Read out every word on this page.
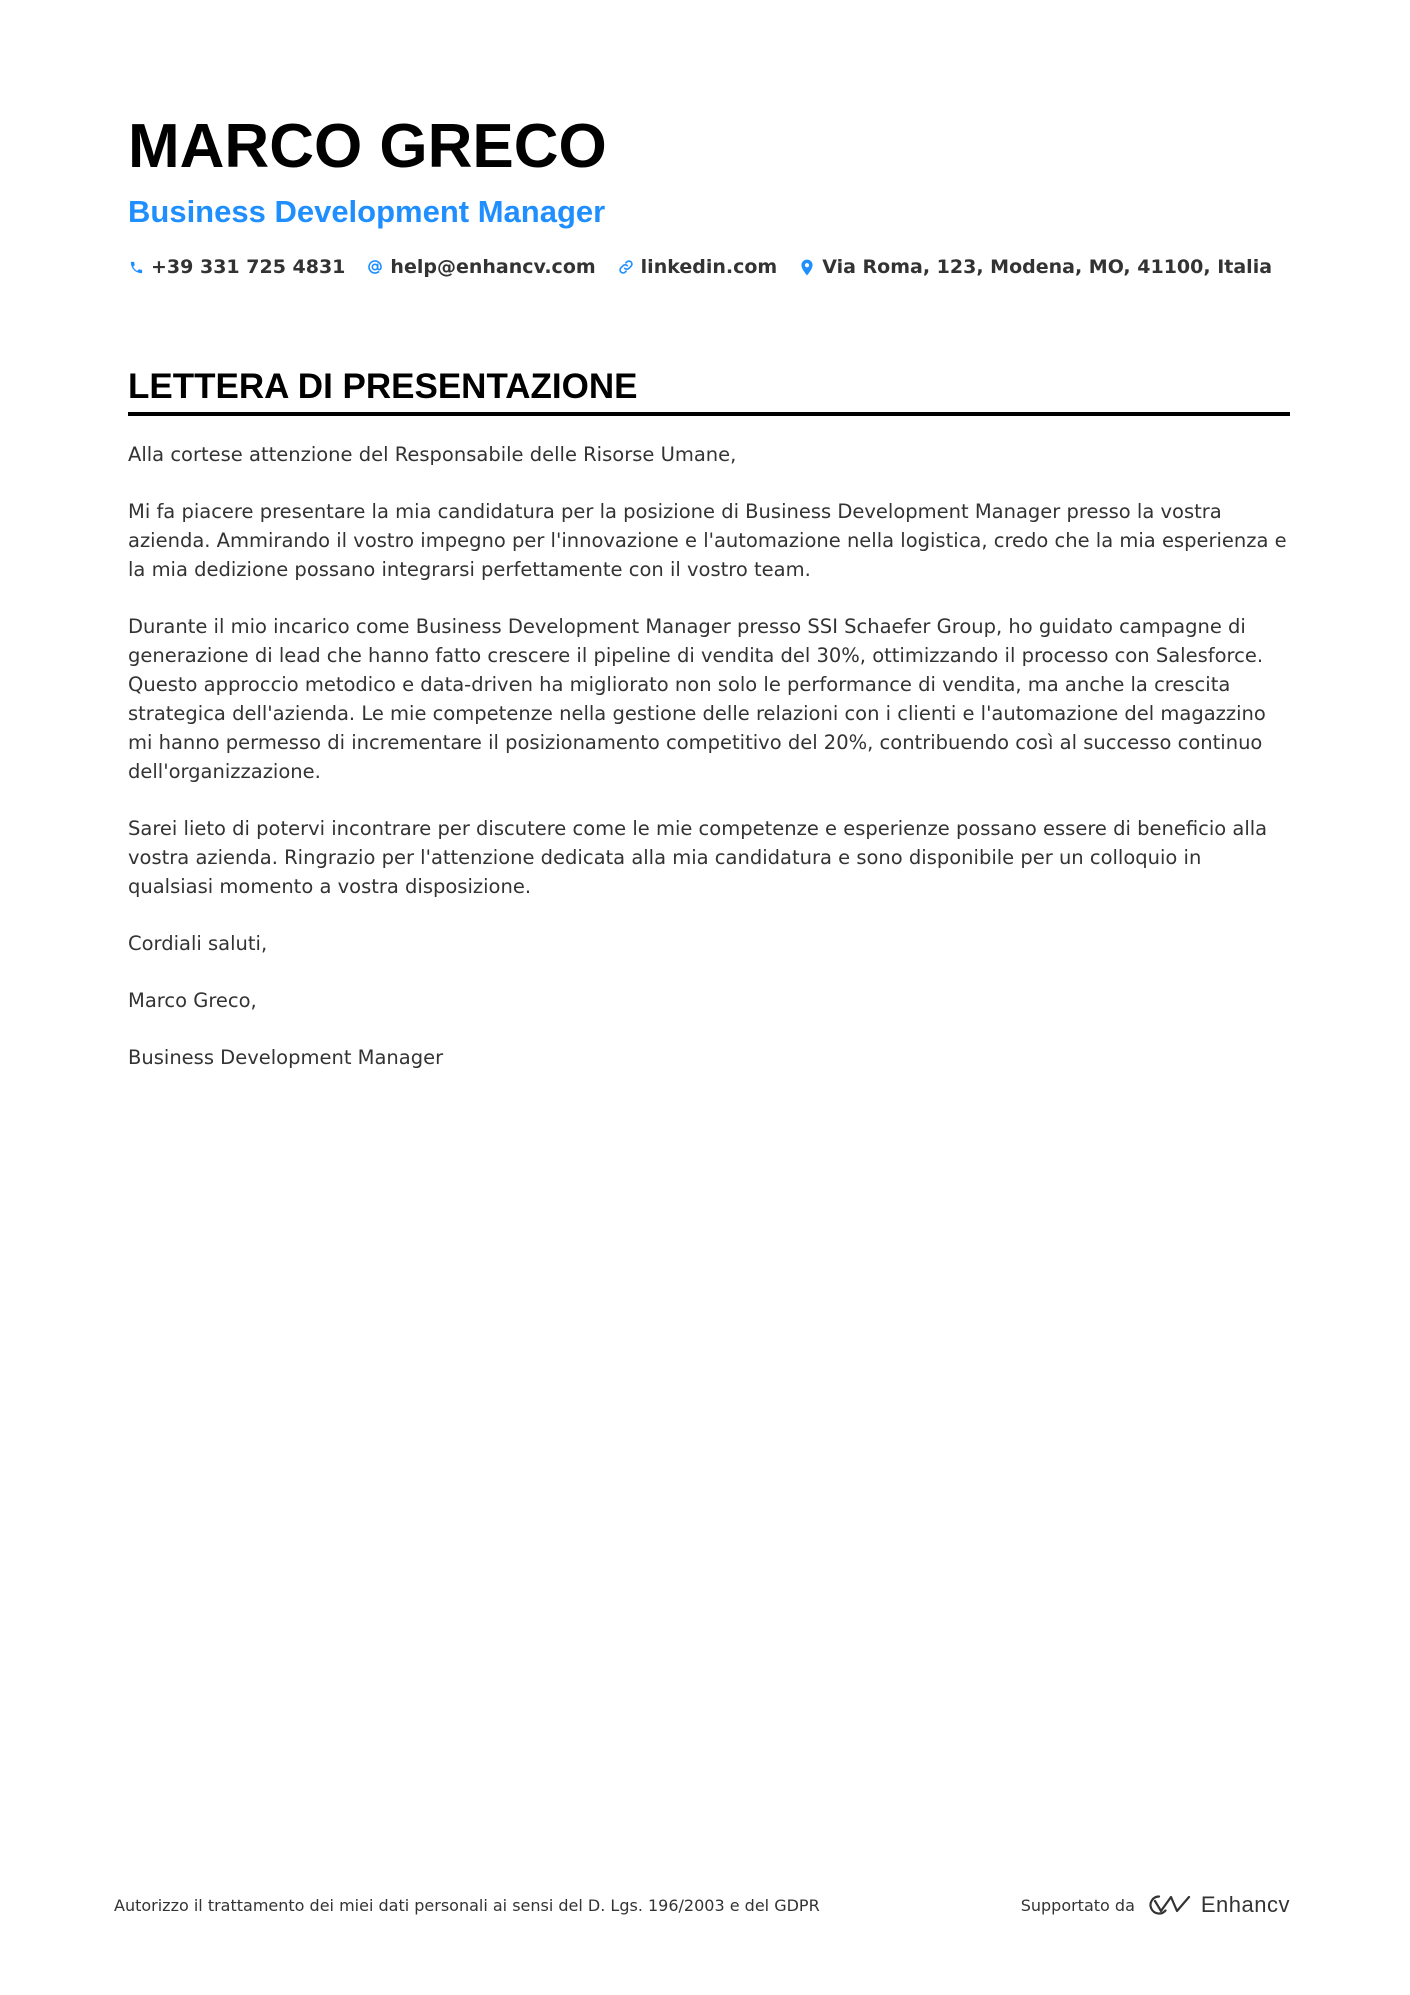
MARCO GRECO
Business Development Manager
+39 331 725 4831 help@enhancv.com linkedin.com Via Roma, 123, Modena, MO, 41100, Italia
LETTERA DI PRESENTAZIONE

Alla cortese attenzione del Responsabile delle Risorse Umane,

Mi fa piacere presentare la mia candidatura per la posizione di Business Development Manager presso la vostra azienda. Ammirando il vostro impegno per l'innovazione e l'automazione nella logistica, credo che la mia esperienza e la mia dedizione possano integrarsi perfettamente con il vostro team.

Durante il mio incarico come Business Development Manager presso SSI Schaefer Group, ho guidato campagne di generazione di lead che hanno fatto crescere il pipeline di vendita del 30%, ottimizzando il processo con Salesforce. Questo approccio metodico e data-driven ha migliorato non solo le performance di vendita, ma anche la crescita strategica dell'azienda. Le mie competenze nella gestione delle relazioni con i clienti e l'automazione del magazzino mi hanno permesso di incrementare il posizionamento competitivo del 20%, contribuendo così al successo continuo dell'organizzazione.

Sarei lieto di potervi incontrare per discutere come le mie competenze e esperienze possano essere di beneficio alla vostra azienda. Ringrazio per l'attenzione dedicata alla mia candidatura e sono disponibile per un colloquio in qualsiasi momento a vostra disposizione.

Cordiali saluti,

Marco Greco,

Business Development Manager

Autorizzo il trattamento dei miei dati personali ai sensi del D. Lgs. 196/2003 e del GDPR	Supportato da	Enhancv
